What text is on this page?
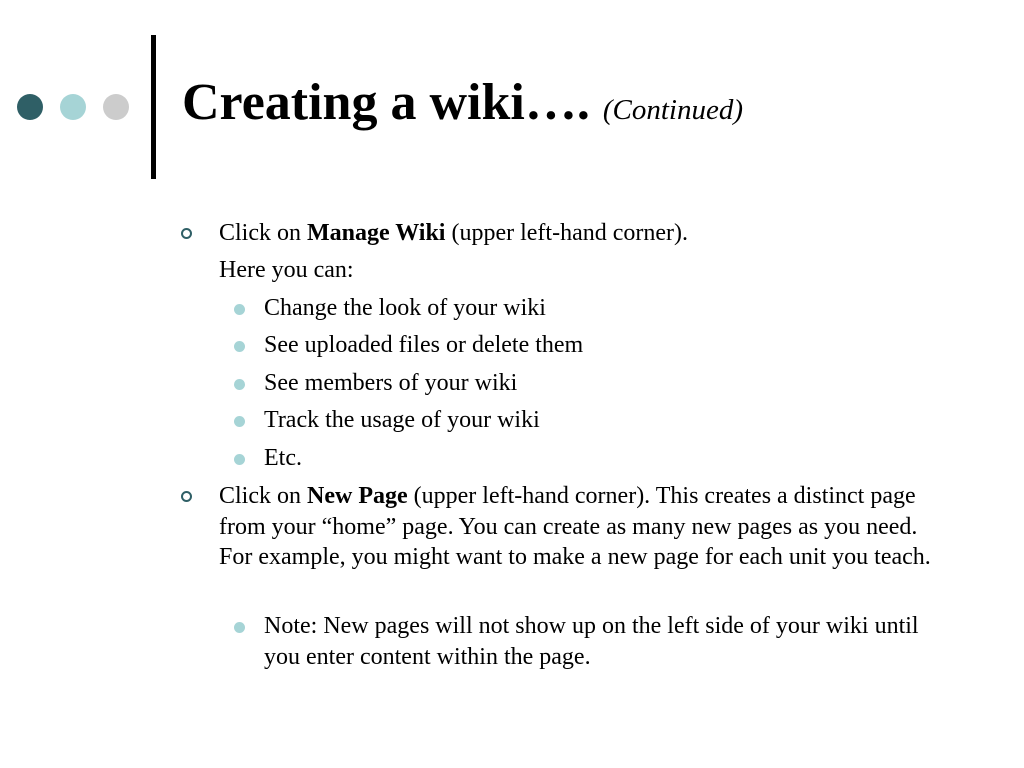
Creating a wiki…. (Continued)
Click on Manage Wiki (upper left-hand corner).
Here you can:
Change the look of your wiki
See uploaded files or delete them
See members of your wiki
Track the usage of your wiki
Etc.
Click on New Page (upper left-hand corner). This creates a distinct page from your “home” page. You can create as many new pages as you need. For example, you might want to make a new page for each unit you teach.
Note: New pages will not show up on the left side of your wiki until you enter content within the page.
